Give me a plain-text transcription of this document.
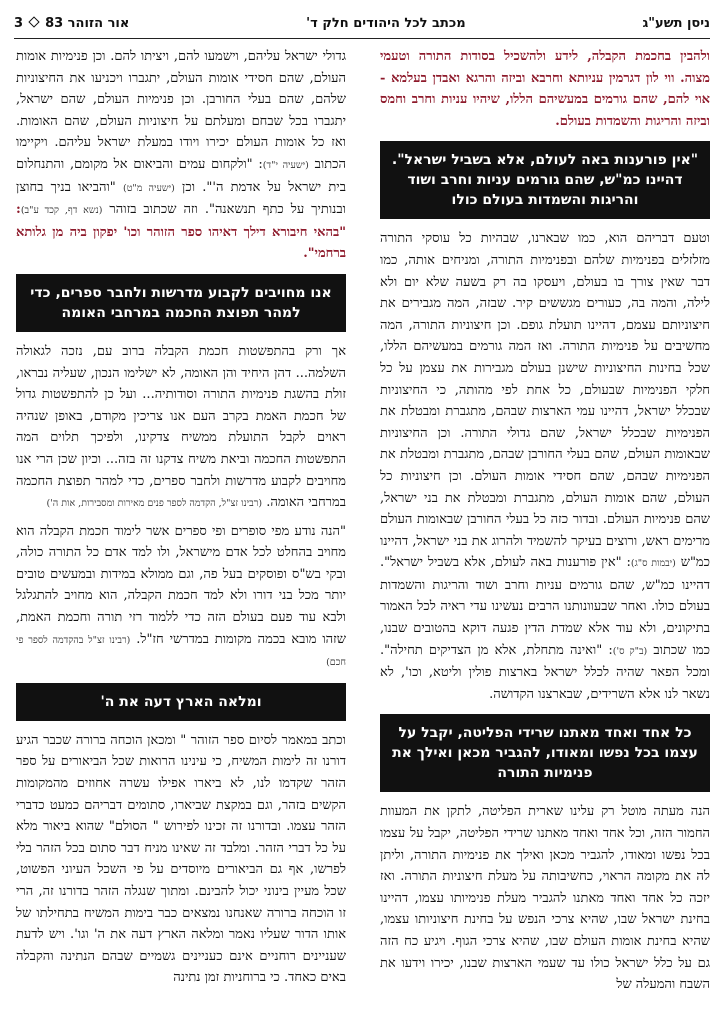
ניסן תשע"ג
מכתב לכל היהודים חלק ד'
אור הזוהר 833

ולהבין בחכמת הקבלה, לידע ולהשכיל בסודות התורה וטעמי מצוה. ווי לון דגרמין עניותא וחרבא וביזה והרגא ואבדן בעלמא - אוי להם, שהם גורמים במעשיהם הללו, שיהיו עניות וחרב וחמס וביזה והריגות והשמדות בעולם.

"אין פורענות באה לעולם, אלא בשביל ישראל". דהיינו כמ"ש, שהם גורמים עניות וחרב ושוד והריגות והשמדות בעולם כולו

וטעם דבריהם הוא, כמו שבארנו, שבהיות כל עוסקי התורה מזלזלים בפנימיות שלהם ובפנימיות התורה, ומניחים אותה, כמו דבר שאין צורך בו בעולם, ויעסקו בה רק בשעה שלא יום ולא לילה, והמה בה, כעורים מגששים קיר. שבזה, המה מגבירים את חיצוניותם עצמם, דהיינו תועלת גופם. וכן חיצוניות התורה, המה מחשיבים על פנימיות התורה. ואז המה גורמים במעשיהם הללו, שכל בחינות החיצוניות שישנן בעולם מגבירות את עצמן על כל חלקי הפנימיות שבעולם, כל אחת לפי מהותה, כי החיצוניות שבכלל ישראל, דהיינו עמי הארצות שבהם, מתגברת ומבטלת את הפנימיות שבכלל ישראל, שהם גדולי התורה. וכן החיצוניות שבאומות העולם, שהם בעלי החורבן שבהם, מתגברת ומבטלת את הפנימיות שבהם, שהם חסידי אומות העולם. וכן חיצוניות כל העולם, שהם אומות העולם, מתגברת ומבטלת את בני ישראל, שהם פנימיות העולם. ובדור כזה כל בעלי החורבן שבאומות העולם מרימים ראש, ורוצים בעיקר להשמיד ולהרוג את בני ישראל, דהיינו כמ"ש (יבמות ס"ג): "אין פורענות באה לעולם, אלא בשביל ישראל". דהיינו כמ"ש, שהם גורמים עניות וחרב ושוד והריגות והשמדות בעולם כולו. ואחר שבעוונותנו הרבים נעשינו עדי ראיה לכל האמור בתיקונים, ולא עוד אלא שמדת הדין פגעה דוקא בהטובים שבנו, כמו שכתוב (ב"ק ס'): "ואינה מתחלת, אלא מן הצדיקים תחילה". ומכל הפאר שהיה לכלל ישראל בארצות פולין וליטא, וכו', לא נשאר לנו אלא השרידים, שבארצנו הקדושה.

כל אחד ואחד מאתנו שרידי הפליטה, יקבל על עצמו בכל נפשו ומאודו, להגביר מכאן ואילך את פנימיות התורה

הנה מעתה מוטל רק עלינו שארית הפליטה, לתקן את המעוות החמור הזה, וכל אחד ואחד מאתנו שרידי הפליטה, יקבל על עצמו בכל נפשו ומאודו, להגביר מכאן ואילך את פנימיות התורה, וליתן לה את מקומה הראוי, כחשיבותה על מעלת חיצוניות התורה. ואז יזכה כל אחד ואחד מאתנו להגביר מעלת פנימיותו עצמו, דהיינו בחינת ישראל שבו, שהיא צרכי הנפש על בחינת חיצוניותו עצמו, שהיא בחינת אומות העולם שבו, שהיא צרכי הגוף. ויגיע כח הזה גם על כלל ישראל כולו עד שעמי הארצות שבנו, יכירו וידעו את השבח והמעלה של

גדולי ישראל עליהם, וישמעו להם, ויציתו להם. וכן פנימיות אומות העולם, שהם חסידי אומות העולם, יתגברו ויכניעו את החיצוניות שלהם, שהם בעלי החורבן. וכן פנימיות העולם, שהם ישראל, יתגברו בכל שבחם ומעלתם על חיצוניות העולם, שהם האומות. ואז כל אומות העולם יכירו ויודו במעלת ישראל עליהם. ויקיימו הכתוב (ישעיה י"ד): "ולקחום עמים והביאום אל מקומם, והתנחלום בית ישראל על אדמת ה'". וכן (ישעיה מ"ט) "והביאו בניך בחוצן ובנותיך על כתף תנשאנה". וזה שכתוב בזוהר (נשא דף, קכד ע"ב): "בהאי חיבורא דילך דאיהו ספר הזוהר וכו' יפקון ביה מן גלותא ברחמי".

אנו מחויבים לקבוע מדרשות ולחבר ספרים, כדי למהר תפוצת החכמה במרחבי האומה

אך ורק בהתפשטות חכמת הקבלה ברוב עם, נזכה לגאולה השלמה... דהן היחיד והן האומה, לא ישלימו הנכון, שעליה נבראו, זולת בהשגת פנימיות התורה וסודותיה... ועל כן להתפשטות גדול של חכמת האמת בקרב העם אנו צריכין מקודם, באופן שנהיה ראוים לקבל התועלת ממשיח צדקינו, ולפיכך תלוים המה התפשטות החכמה וביאת משיח צדקנו זה בזה... וכיון שכן הרי אנו מחויבים לקבוע מדרשות ולחבר ספרים, כדי למהר תפוצת החכמה במרחבי האומה. (רבינו זצ"ל, הקדמה לספר פנים מאירות ומסבירות, אות ה')

"הנה נודע מפי סופרים ופי ספרים אשר לימוד חכמת הקבלה הוא מחויב בהחלט לכל אדם מישראל, ולו למד אדם כל התורה כולה, ובקי בש"ס ופוסקים בעל פה, וגם ממולא במידות ובמעשים טובים יותר מכל בני דורו ולא למד חכמת הקבלה, הוא מחויב להתגלגל ולבא עוד פעם בעולם הזה כדי ללמוד רזי תורה וחכמת האמת, שזהו מובא בכמה מקומות במדרשי חז"ל. (רבינו זצ"ל בהקדמה לספר פי חכם)

ומלאה הארץ דעה את ה'

וכתב במאמר לסיום ספר הזוהר " ומכאן הוכחה ברורה שכבר הגיע דורנו זה לימות המשיח, כי עינינו הרואות שכל הביאורים על ספר הזהר שקדמו לנו, לא ביארו אפילו עשרה אחוזים מהמקומות הקשים בזהר, וגם במקצת שביארו, סתומים דבריהם כמעט כדברי הזהר עצמו. ובדורנו זה זכינו לפירוש " הסולם" שהוא ביאור מלא על כל דברי הזהר. ומלבד זה שאינו מניח דבר סתום בכל הזהר בלי לפרשו, אף גם הביאורים מיוסדים על פי השכל העיוני הפשוט, שכל מעיין בינוני יכול להבינם. ומתוך שנגלה הזהר בדורנו זה, הרי זו הוכחה ברורה שאנחנו נמצאים כבר בימות המשיח בתחילתו של אותו הדור שעליו נאמר ומלאה הארץ דעה את ה' וגו'. ויש לדעת שעניינים רוחניים אינם כעניינים גשמיים שבהם הנתינה והקבלה באים כאחד. כי ברוחניות זמן נתינה
